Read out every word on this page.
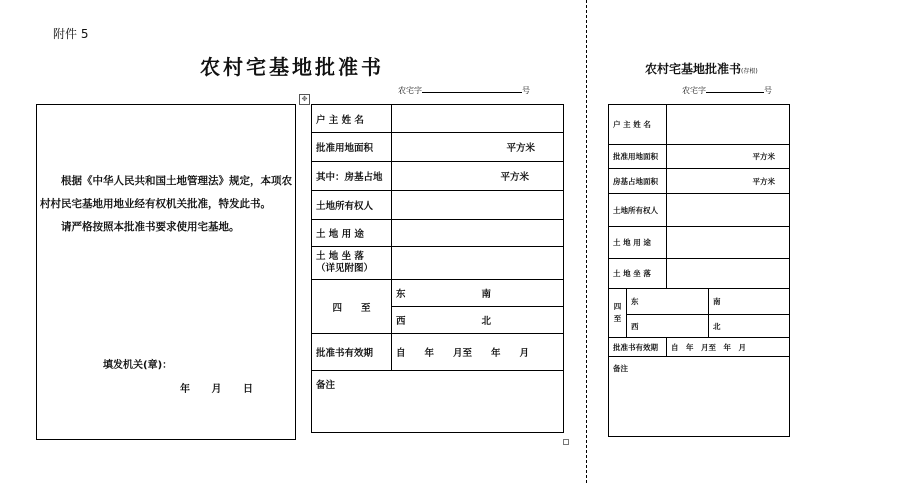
附件 5
农村宅基地批准书
农宅字	号
✥

根据《中华人民共和国土地管理法》规定，本项农村村民宅基地用地业经有权机关批准，特发此书。

请严格按照本批准书要求使用宅基地。

填发机关(章)：
年 月 日
户 主 姓 名		
批准用地面积	平方米	
其中：房基占地	平方米	
土地所有权人		
土 地 用 途		

土 地 坐 落
（详见附图）		

四　　至	东	南
	西	北
批准书有效期	自　　年　　月至　　年　　月	
备注		
农村宅基地批准书(存根)
农宅字	号
户 主 姓 名			
批准用地面积		平方米	
房基占地面积		平方米	
土地所有权人			
土 地 用 途			
土 地 坐 落			
四至	东		南
	西		北
批准书有效期		自　年　月至　年　月	
备注			
